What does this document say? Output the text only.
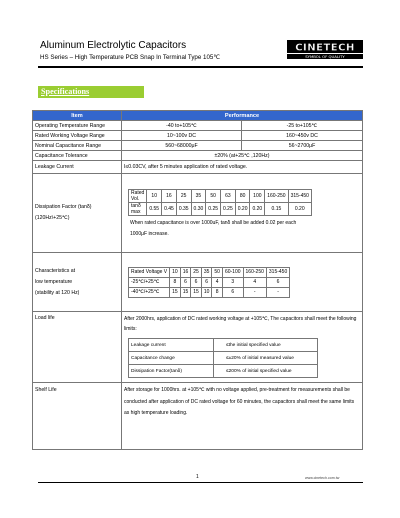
Aluminum Electrolytic Capacitors
HS Series – High Temperature PCB Snap In Terminal Type 105℃
CINETECH
SYMBOL OF QUALITY
Specifications
Item	Performance
Operating Temperature Range	-40 to+105℃	-25 to+105℃
Rated Working Voltage Range	10~100v DC	160~450v DC
Nominal Capacitance Range	560~68000μF	56~2700μF
Capacitance Tolerance	±20% (at+25℃ ,120Hz)
Leakage Current	I≤0.03CV, after 5 minutes application of rated voltage.

Dissipation Factor (tanδ)
(120Hz\+25℃)

Rated
Vol.	10	16	25	35	50	63	80	100	160-250	315-450

tanδ
max	0.55	0.45	0.35	0.30	0.25	0.25	0.20	0.20	0.15	0.20
When rated capacitance is over 1000uF, tanδ shall be added 0.02 per each
1000μF increase.

Characteristics at
low temperature
(stability at 120 Hz)

Rated Voltage V	10	16	25	35	50	60-100	160-250	315-450
-25℃/+25℃	8	6	6	6	4	3	4	6
-40℃/+25℃	15	15	15	10	8	6	-	-

Load life	After 2000hrs, application of DC rated working voltage at +105℃, The capacitors shall meet the following limits:
Leakage current	≤the initial specified value
Capacitance change	≤±20% of initial measured value
Dissipation Factor(tanδ)	≤200% of initial specified value

Shelf Life	After storage for 1000hrs. at +105℃ with no voltage applied, pre-treatment for measurements shall be conducted after application of DC rated voltage for 60 minutes, the capacitors shall meet the same limits as high temperature loading.
1	www.cinetech.com.tw
